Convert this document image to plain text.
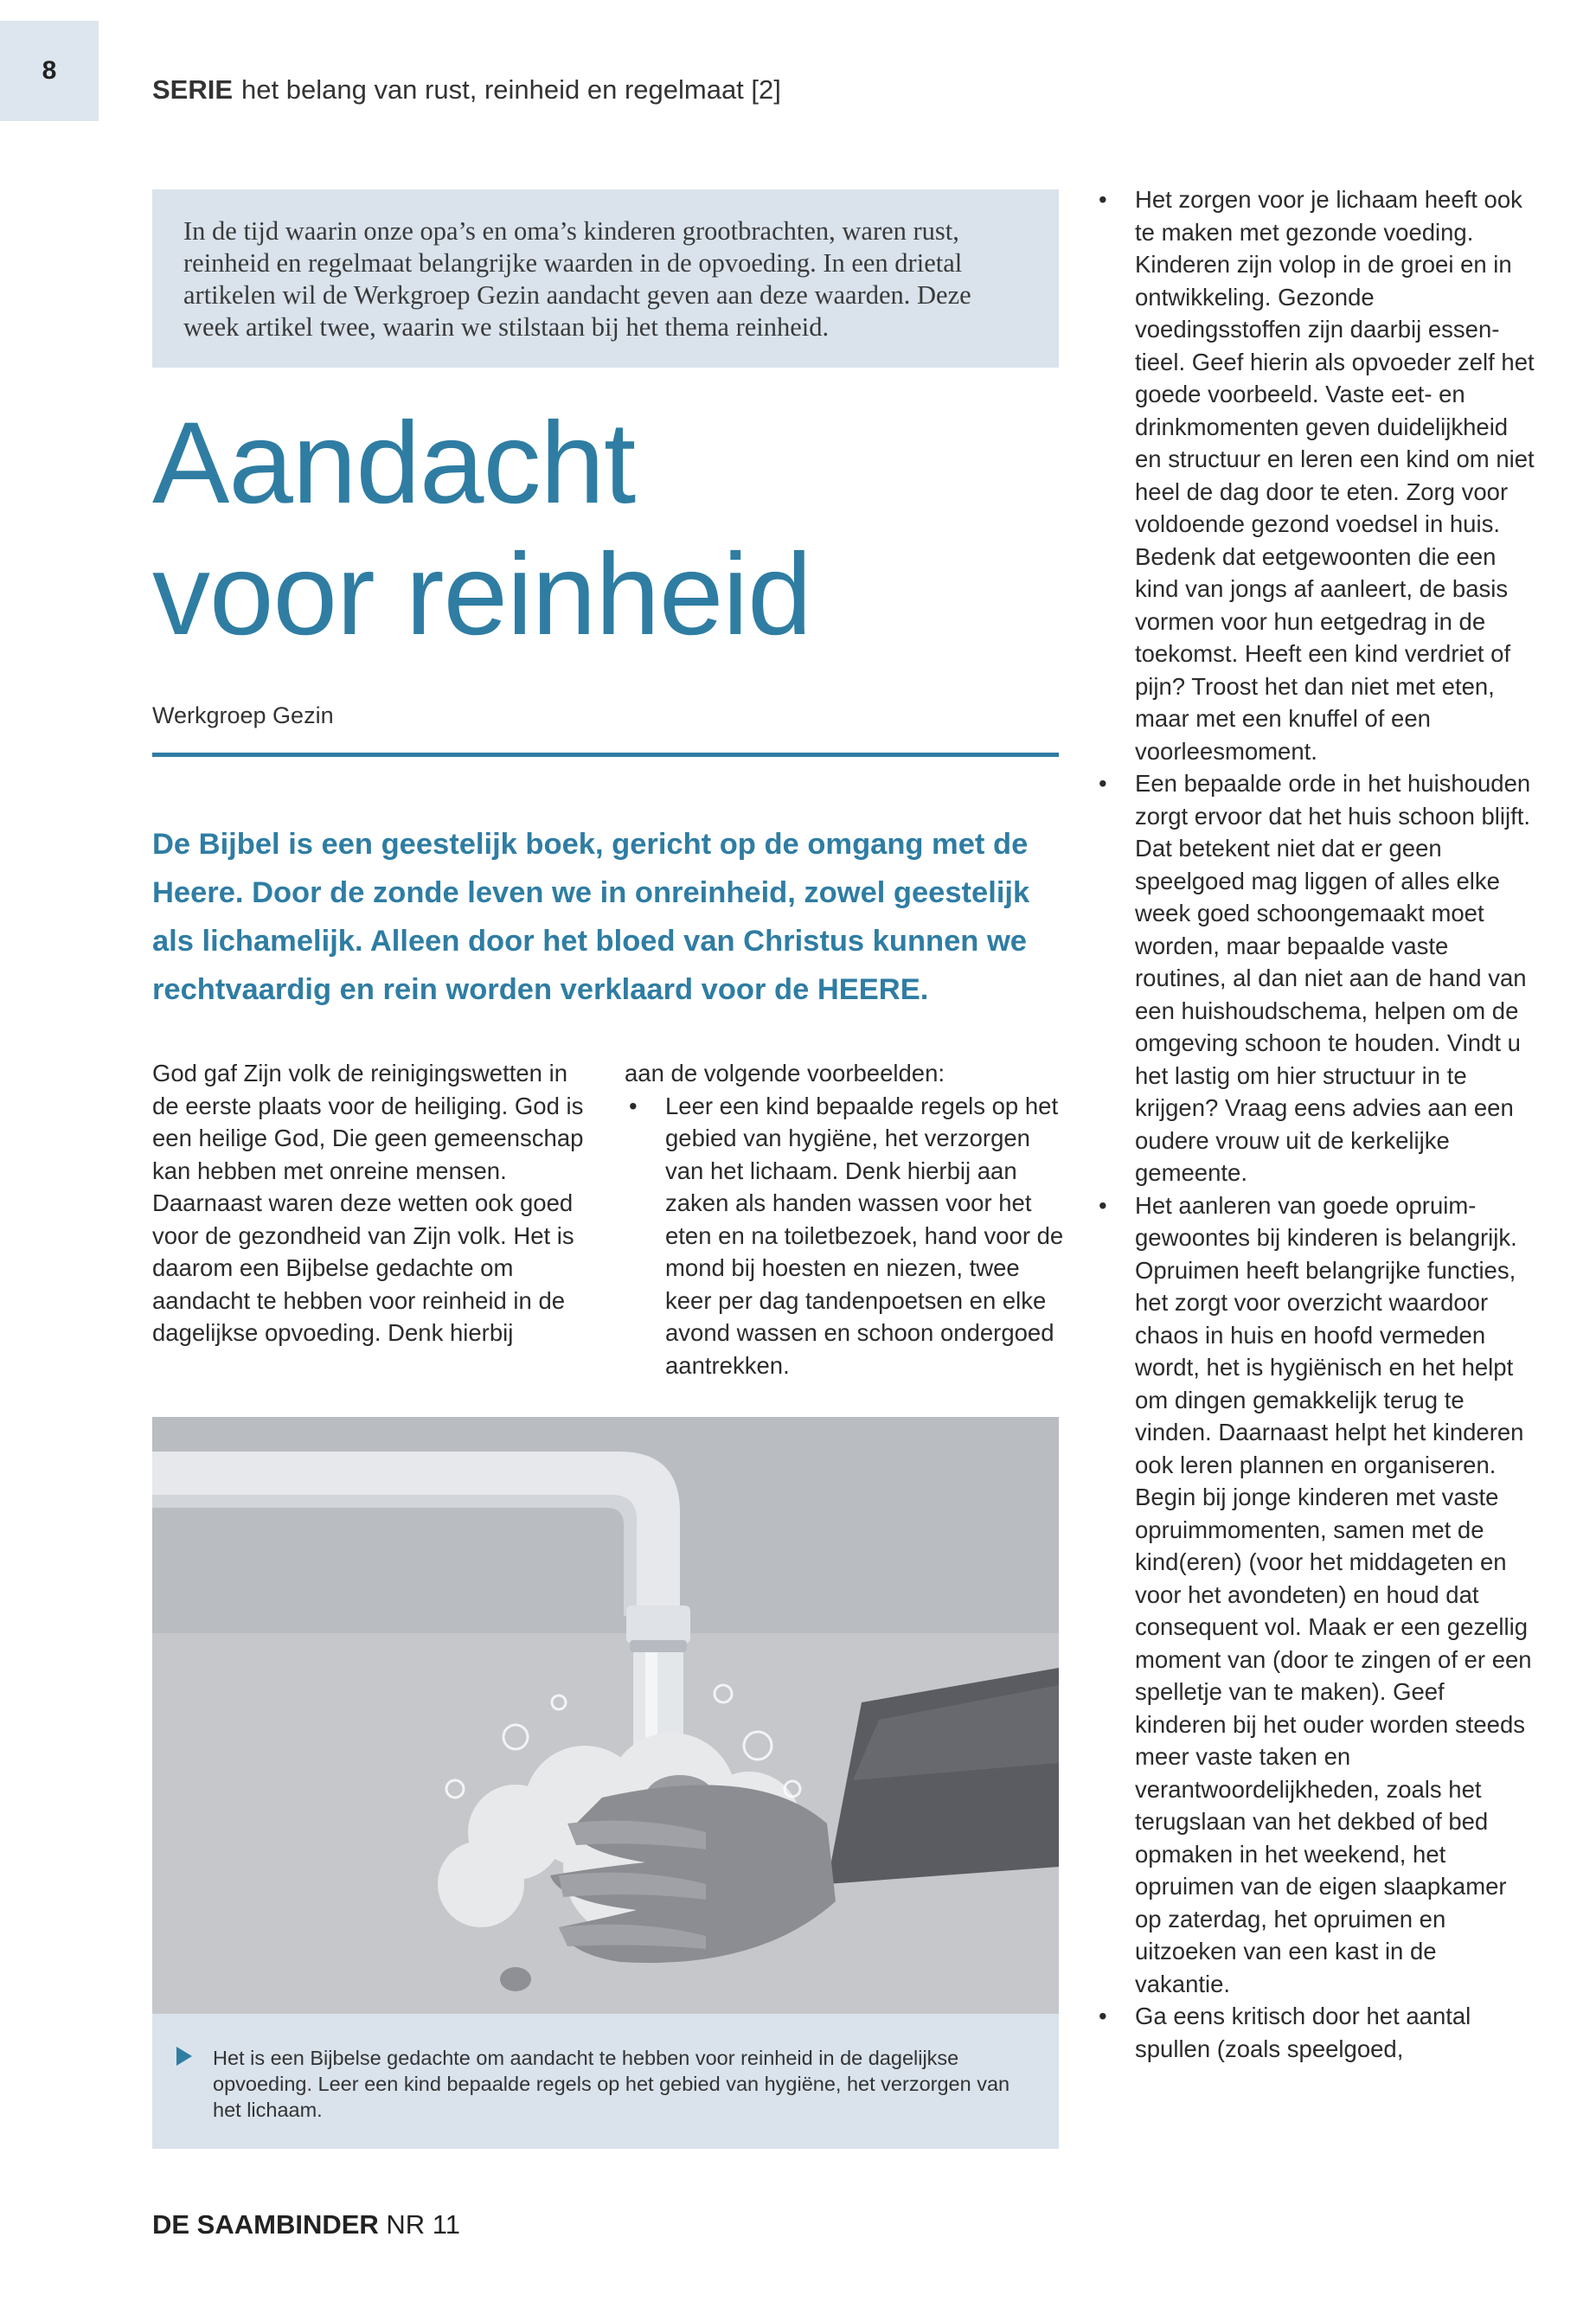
8
SERIE het belang van rust, reinheid en regelmaat [2]

In de tijd waarin onze opa’s en oma’s kinderen grootbrachten, waren rust, reinheid en regelmaat belangrijke waarden in de opvoeding. In een drietal artikelen wil de Werkgroep Gezin aandacht geven aan deze waarden. Deze week artikel twee, waarin we stilstaan bij het thema reinheid.

Aandacht
voor reinheid
Werkgroep Gezin

De Bijbel is een geestelijk boek, gericht op de omgang met de Heere. Door de zonde leven we in onreinheid, zowel geestelijk als lichamelijk. Alleen door het bloed van Christus kunnen we rechtvaardig en rein worden verklaard voor de HEERE.

God gaf Zijn volk de reinigingswetten in de eerste plaats voor de heiliging. God is een heilige God, Die geen gemeenschap kan hebben met onreine mensen. Daarnaast waren deze wetten ook goed voor de gezondheid van Zijn volk. Het is daarom een Bijbelse gedachte om aandacht te hebben voor reinheid in de dagelijkse opvoeding. Denk hierbij

aan de volgende voorbeelden:
• Leer een kind bepaalde regels op het gebied van hygiëne, het verzorgen van het lichaam. Denk hierbij aan zaken als handen wassen voor het eten en na toiletbezoek, hand voor de mond bij hoesten en niezen, twee keer per dag tandenpoetsen en elke avond wassen en schoon ondergoed aantrekken.
• Het zorgen voor je lichaam heeft ook te maken met gezonde voeding. Kinderen zijn volop in de groei en in ontwikkeling. Gezonde voedingsstoffen zijn daarbij essentieel. Geef hierin als opvoeder zelf het goede voorbeeld. Vaste eet- en drinkmomenten geven duidelijkheid en structuur en leren een kind om niet heel de dag door te eten. Zorg voor voldoende gezond voedsel in huis. Bedenk dat eetgewoonten die een kind van jongs af aanleert, de basis vormen voor hun eetgedrag in de toekomst. Heeft een kind verdriet of pijn? Troost het dan niet met eten, maar met een knuffel of een voorleesmoment.
• Een bepaalde orde in het huishouden zorgt ervoor dat het huis schoon blijft. Dat betekent niet dat er geen speelgoed mag liggen of alles elke week goed schoongemaakt moet worden, maar bepaalde vaste routines, al dan niet aan de hand van een huishoudschema, helpen om de omgeving schoon te houden. Vindt u het lastig om hier structuur in te krijgen? Vraag eens advies aan een oudere vrouw uit de kerkelijke gemeente.
• Het aanleren van goede opruimgewoontes bij kinderen is belangrijk. Opruimen heeft belangrijke functies, het zorgt voor overzicht waardoor chaos in huis en hoofd vermeden wordt, het is hygiënisch en het helpt om dingen gemakkelijk terug te vinden. Daarnaast helpt het kinderen ook leren plannen en organiseren. Begin bij jonge kinderen met vaste opruimmomenten, samen met de kind(eren) (voor het middageten en voor het avondeten) en houd dat consequent vol. Maak er een gezellig moment van (door te zingen of er een spelletje van te maken). Geef kinderen bij het ouder worden steeds meer vaste taken en verantwoordelijkheden, zoals het terugslaan van het dekbed of bed opmaken in het weekend, het opruimen van de eigen slaapkamer op zaterdag, het opruimen en uitzoeken van een kast in de vakantie.
• Ga eens kritisch door het aantal spullen (zoals speelgoed,

Het is een Bijbelse gedachte om aandacht te hebben voor reinheid in de dagelijkse opvoeding. Leer een kind bepaalde regels op het gebied van hygiëne, het verzorgen van het lichaam.

DE SAAMBINDER NR 11
